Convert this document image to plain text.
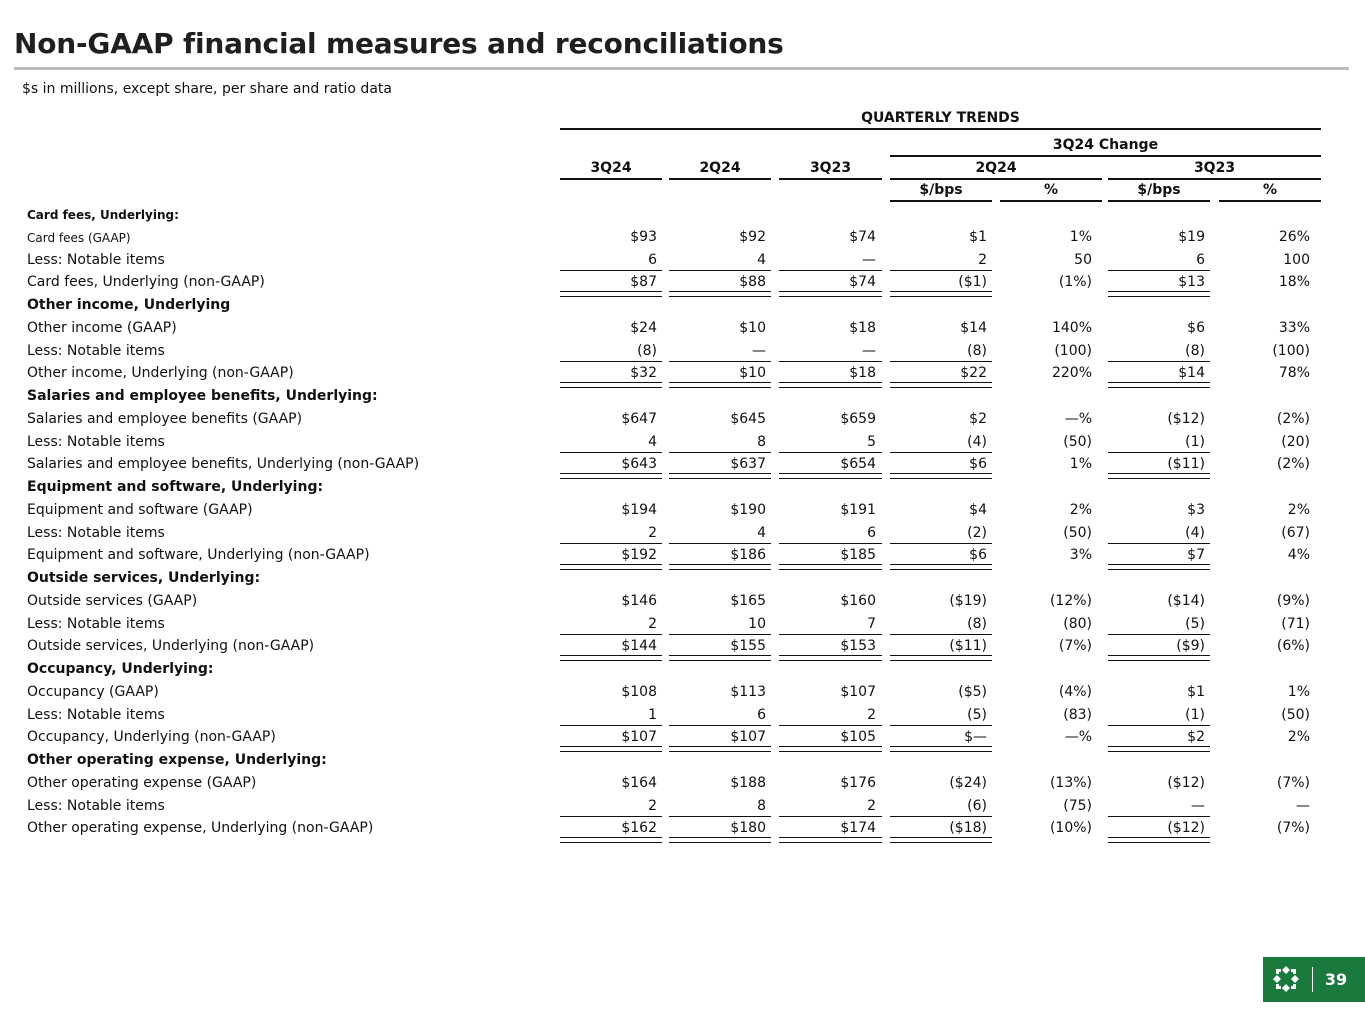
Non-GAAP financial measures and reconciliations
$s in millions, except share, per share and ratio data
QUARTERLY TRENDS
3Q24 Change
3Q24	2Q24	3Q23	2Q24	3Q23
$/bps	%	$/bps	%
Card fees, Underlying:
Card fees (GAAP)	$93	$92	$74	$1	1%	$19	26%
Less: Notable items	6	4	—	2	50	6	100
Card fees, Underlying (non-GAAP)	$87	$88	$74	($1)	(1%)	$13	18%
Other income, Underlying
Other income (GAAP)	$24	$10	$18	$14	140%	$6	33%
Less: Notable items	(8)	—	—	(8)	(100)	(8)	(100)
Other income, Underlying (non-GAAP)	$32	$10	$18	$22	220%	$14	78%
Salaries and employee benefits, Underlying:
Salaries and employee benefits (GAAP)	$647	$645	$659	$2	—%	($12)	(2%)
Less: Notable items	4	8	5	(4)	(50)	(1)	(20)
Salaries and employee benefits, Underlying (non-GAAP)	$643	$637	$654	$6	1%	($11)	(2%)
Equipment and software, Underlying:
Equipment and software (GAAP)	$194	$190	$191	$4	2%	$3	2%
Less: Notable items	2	4	6	(2)	(50)	(4)	(67)
Equipment and software, Underlying (non-GAAP)	$192	$186	$185	$6	3%	$7	4%
Outside services, Underlying:
Outside services (GAAP)	$146	$165	$160	($19)	(12%)	($14)	(9%)
Less: Notable items	2	10	7	(8)	(80)	(5)	(71)
Outside services, Underlying (non-GAAP)	$144	$155	$153	($11)	(7%)	($9)	(6%)
Occupancy, Underlying:
Occupancy (GAAP)	$108	$113	$107	($5)	(4%)	$1	1%
Less: Notable items	1	6	2	(5)	(83)	(1)	(50)
Occupancy, Underlying (non-GAAP)	$107	$107	$105	$—	—%	$2	2%
Other operating expense, Underlying:
Other operating expense (GAAP)	$164	$188	$176	($24)	(13%)	($12)	(7%)
Less: Notable items	2	8	2	(6)	(75)	—	—
Other operating expense, Underlying (non-GAAP)	$162	$180	$174	($18)	(10%)	($12)	(7%)
39
